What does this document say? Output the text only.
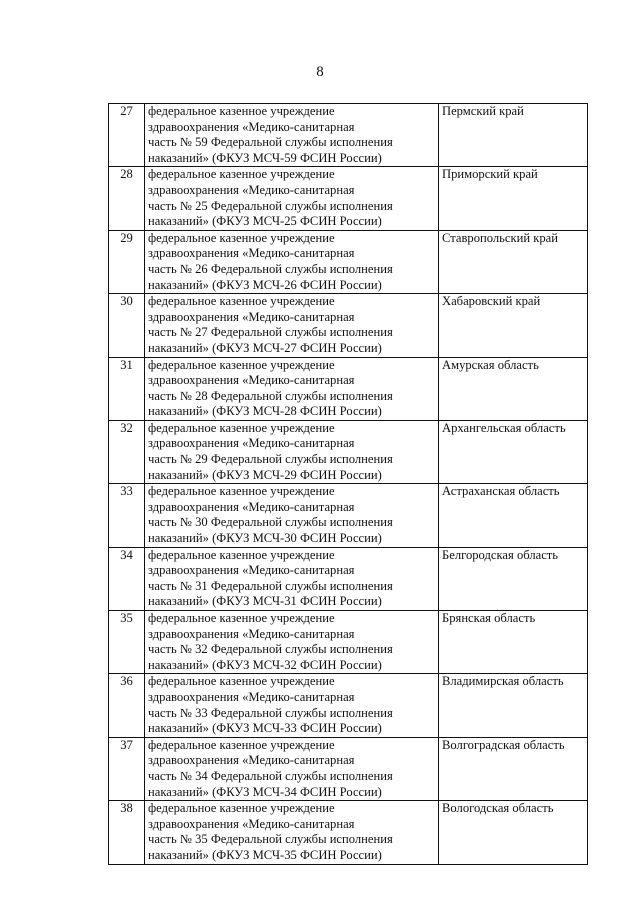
8
27	федеральное казенное учреждение
здравоохранения «Медико-санитарная
часть № 59 Федеральной службы исполнения
наказаний» (ФКУЗ МСЧ-59 ФСИН России)	Пермский край
28	федеральное казенное учреждение
здравоохранения «Медико-санитарная
часть № 25 Федеральной службы исполнения
наказаний» (ФКУЗ МСЧ-25 ФСИН России)	Приморский край
29	федеральное казенное учреждение
здравоохранения «Медико-санитарная
часть № 26 Федеральной службы исполнения
наказаний» (ФКУЗ МСЧ-26 ФСИН России)	Ставропольский край
30	федеральное казенное учреждение
здравоохранения «Медико-санитарная
часть № 27 Федеральной службы исполнения
наказаний» (ФКУЗ МСЧ-27 ФСИН России)	Хабаровский край
31	федеральное казенное учреждение
здравоохранения «Медико-санитарная
часть № 28 Федеральной службы исполнения
наказаний» (ФКУЗ МСЧ-28 ФСИН России)	Амурская область
32	федеральное казенное учреждение
здравоохранения «Медико-санитарная
часть № 29 Федеральной службы исполнения
наказаний» (ФКУЗ МСЧ-29 ФСИН России)	Архангельская область
33	федеральное казенное учреждение
здравоохранения «Медико-санитарная
часть № 30 Федеральной службы исполнения
наказаний» (ФКУЗ МСЧ-30 ФСИН России)	Астраханская область
34	федеральное казенное учреждение
здравоохранения «Медико-санитарная
часть № 31 Федеральной службы исполнения
наказаний» (ФКУЗ МСЧ-31 ФСИН России)	Белгородская область
35	федеральное казенное учреждение
здравоохранения «Медико-санитарная
часть № 32 Федеральной службы исполнения
наказаний» (ФКУЗ МСЧ-32 ФСИН России)	Брянская область
36	федеральное казенное учреждение
здравоохранения «Медико-санитарная
часть № 33 Федеральной службы исполнения
наказаний» (ФКУЗ МСЧ-33 ФСИН России)	Владимирская область
37	федеральное казенное учреждение
здравоохранения «Медико-санитарная
часть № 34 Федеральной службы исполнения
наказаний» (ФКУЗ МСЧ-34 ФСИН России)	Волгоградская область
38	федеральное казенное учреждение
здравоохранения «Медико-санитарная
часть № 35 Федеральной службы исполнения
наказаний» (ФКУЗ МСЧ-35 ФСИН России)	Вологодская область
